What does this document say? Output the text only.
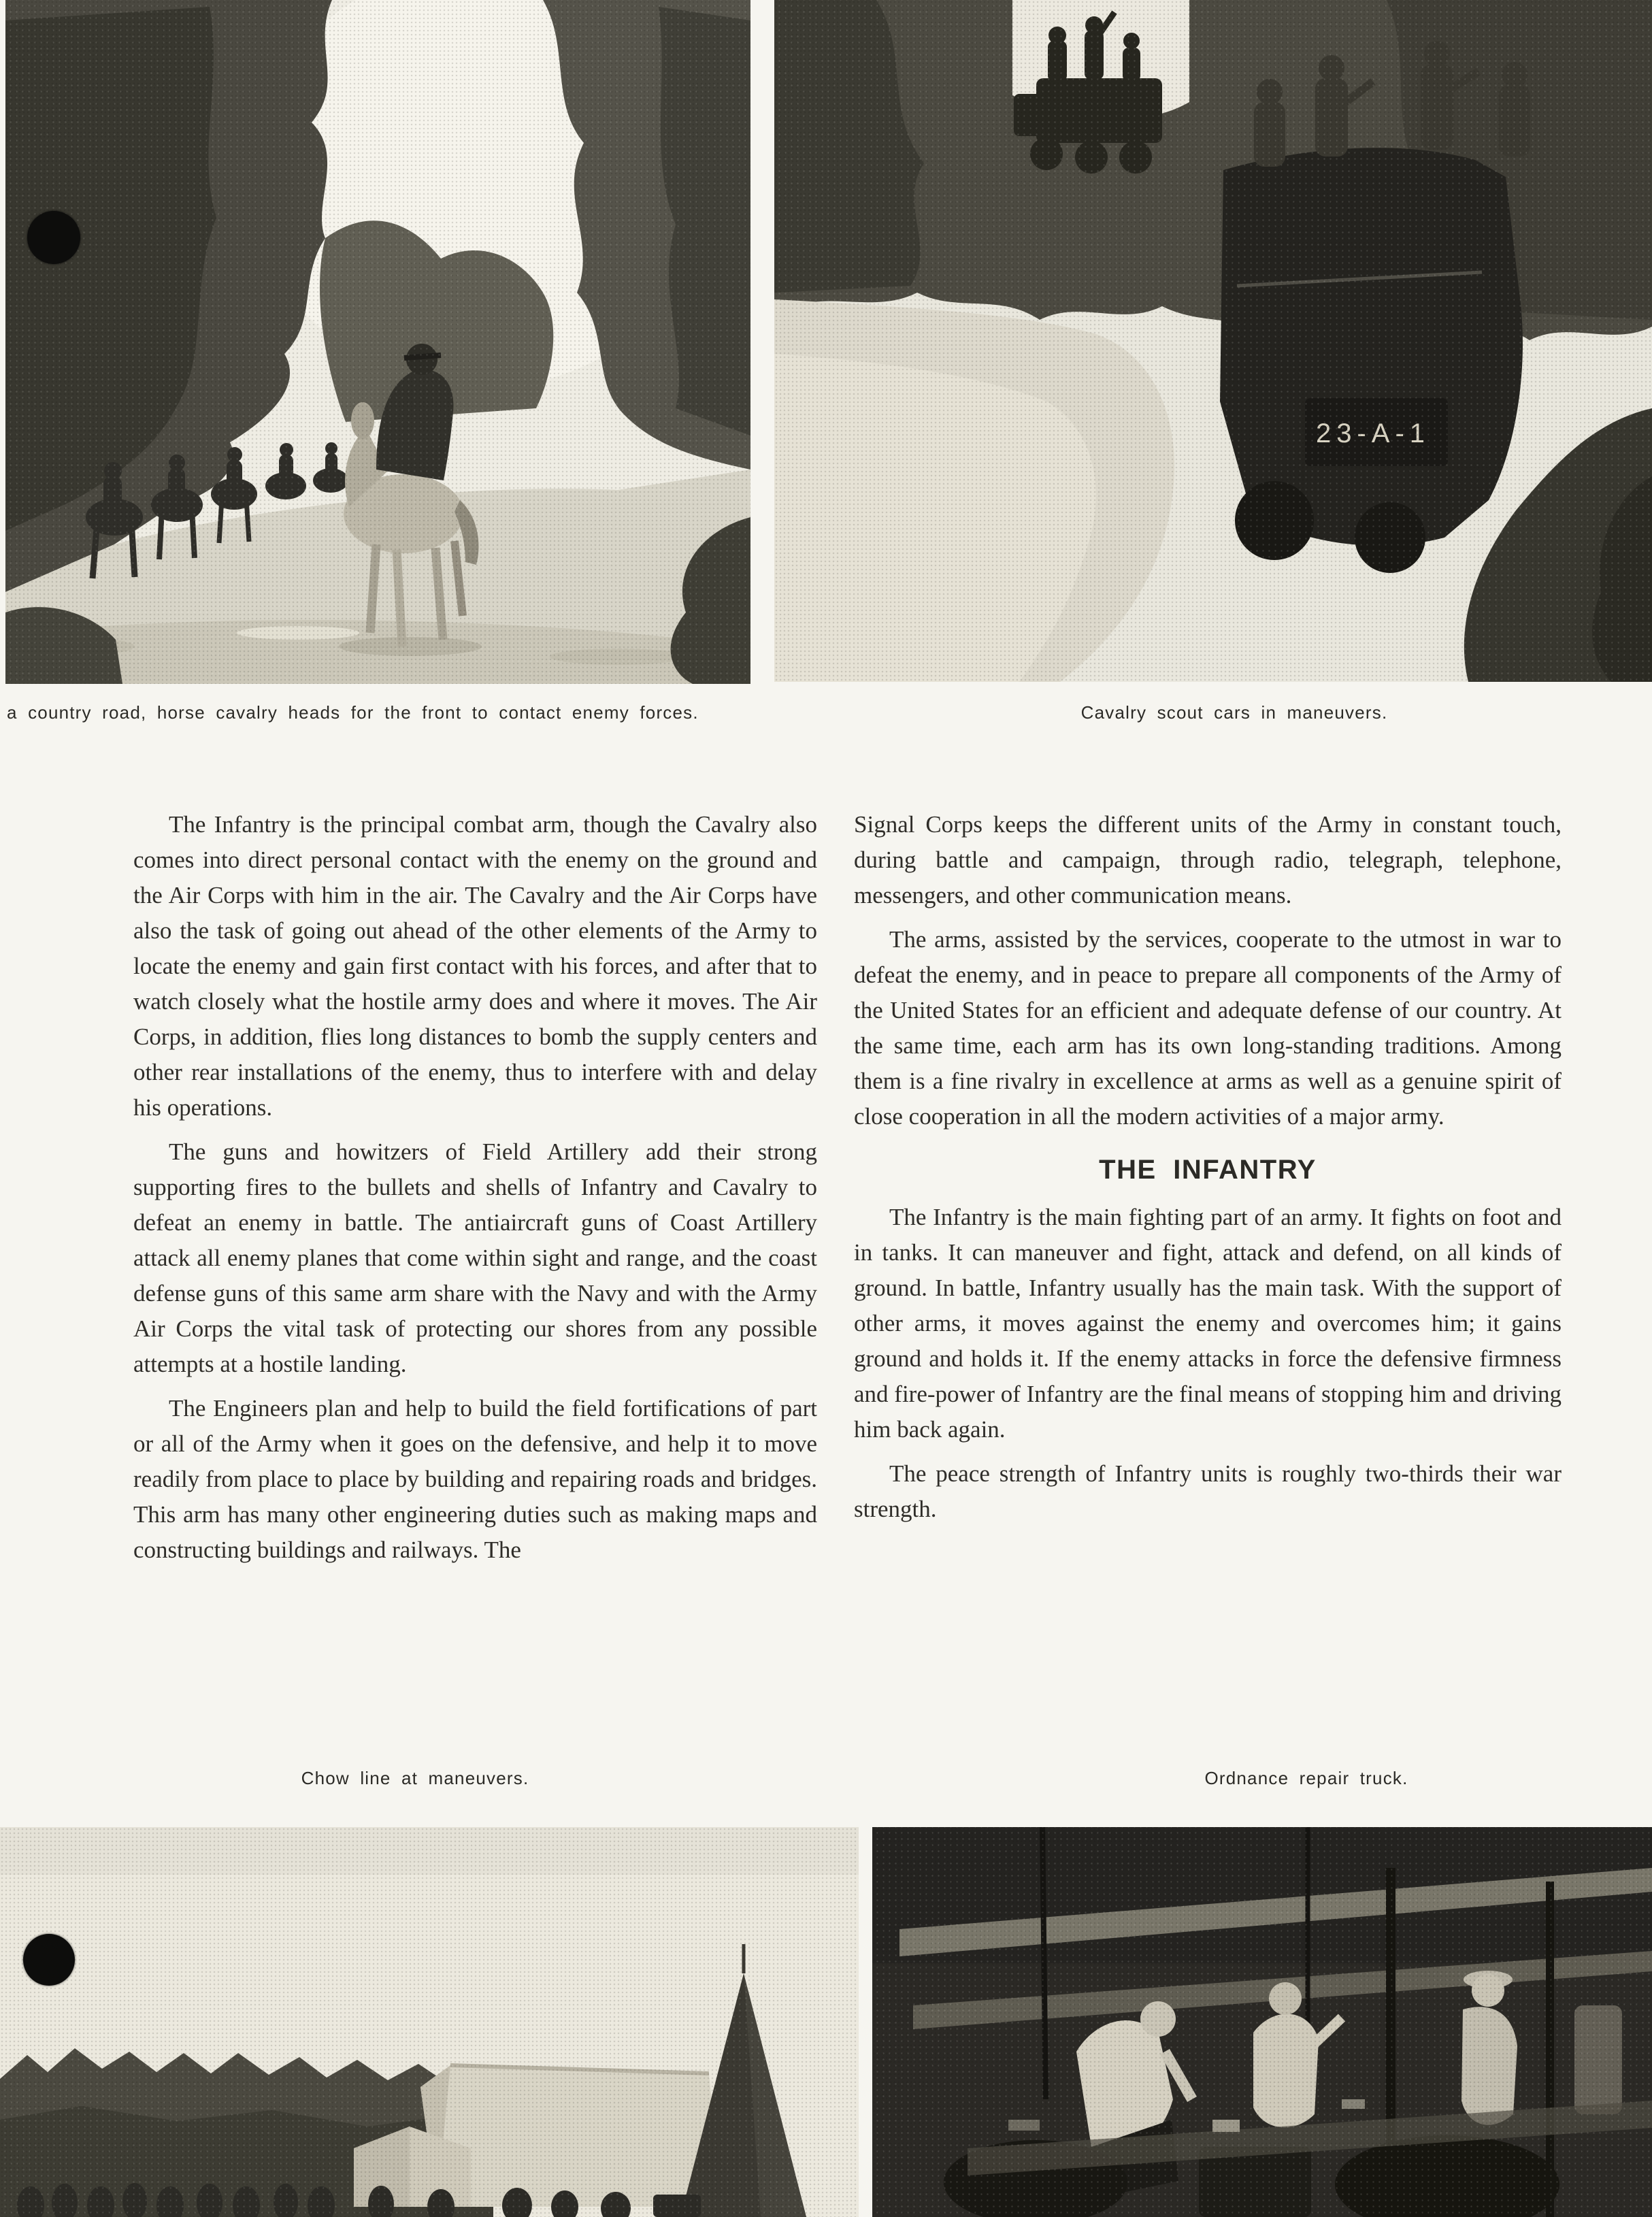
23-A-1
a country road, horse cavalry heads for the front to contact enemy forces.	Cavalry scout cars in maneuvers.

The Infantry is the principal combat arm, though the Cavalry also comes into direct personal contact with the enemy on the ground and the Air Corps with him in the air. The Cavalry and the Air Corps have also the task of going out ahead of the other elements of the Army to locate the enemy and gain first contact with his forces, and after that to watch closely what the hostile army does and where it moves. The Air Corps, in addition, flies long distances to bomb the supply centers and other rear installations of the enemy, thus to interfere with and delay his operations.

The guns and howitzers of Field Artillery add their strong supporting fires to the bullets and shells of Infantry and Cavalry to defeat an enemy in battle. The antiaircraft guns of Coast Artillery attack all enemy planes that come within sight and range, and the coast defense guns of this same arm share with the Navy and with the Army Air Corps the vital task of protecting our shores from any possible attempts at a hostile landing.

The Engineers plan and help to build the field fortifications of part or all of the Army when it goes on the defensive, and help it to move readily from place to place by building and repairing roads and bridges. This arm has many other engineering duties such as making maps and constructing buildings and railways. The

Signal Corps keeps the different units of the Army in constant touch, during battle and campaign, through radio, telegraph, telephone, messengers, and other communication means.

The arms, assisted by the services, cooperate to the utmost in war to defeat the enemy, and in peace to prepare all components of the Army of the United States for an efficient and adequate defense of our country. At the same time, each arm has its own long-standing traditions. Among them is a fine rivalry in excellence at arms as well as a genuine spirit of close cooperation in all the modern activities of a major army.

THE INFANTRY

The Infantry is the main fighting part of an army. It fights on foot and in tanks. It can maneuver and fight, attack and defend, on all kinds of ground. In battle, Infantry usually has the main task. With the support of other arms, it moves against the enemy and overcomes him; it gains ground and holds it. If the enemy attacks in force the defensive firmness and fire-power of Infantry are the final means of stopping him and driving him back again.

The peace strength of Infantry units is roughly two-thirds their war strength.

Chow line at maneuvers.	Ordnance repair truck.
